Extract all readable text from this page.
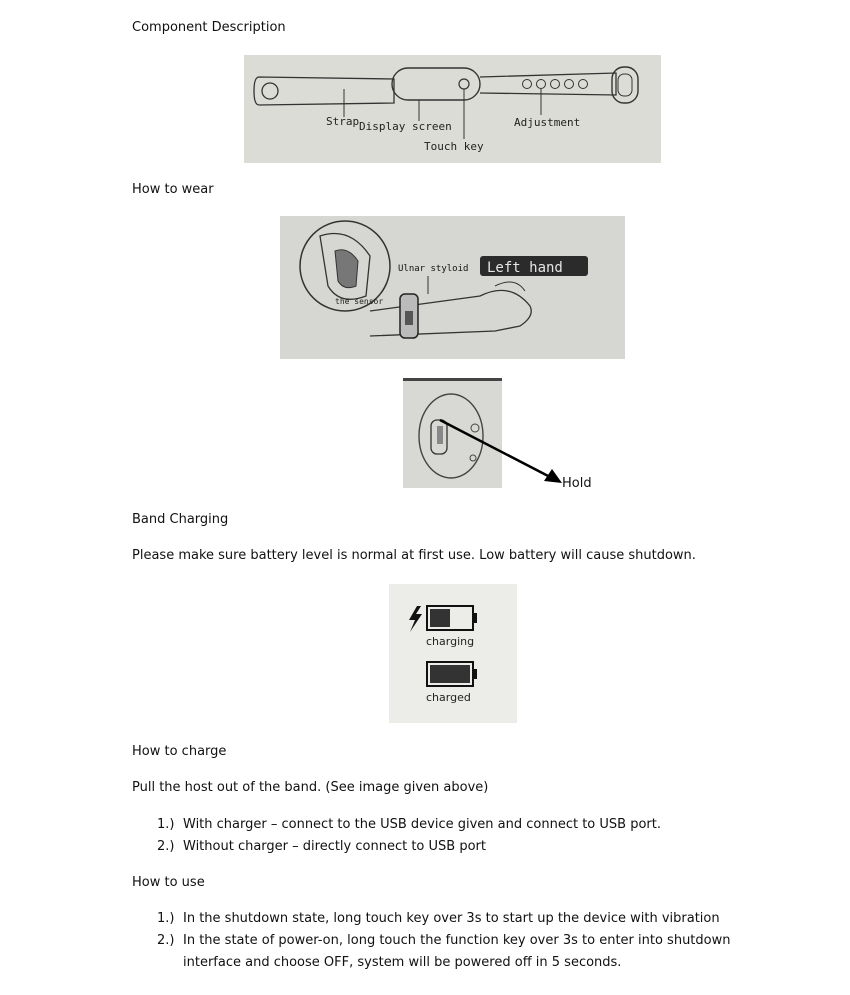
Component Description
Strap Display screen
Touch key
Adjustment
How to wear
the sensor
Ulnar styloid Left hand
Hold
Band Charging
Please make sure battery level is normal at first use. Low battery will cause shutdown.
charging
charged
How to charge
Pull the host out of the band. (See image given above)
1.) With charger – connect to the USB device given and connect to USB port.
2.) Without charger – directly connect to USB port
How to use
1.) In the shutdown state, long touch key over 3s to start up the device with vibration
2.) In the state of power-on, long touch the function key over 3s to enter into shutdown
interface and choose OFF, system will be powered off in 5 seconds.
